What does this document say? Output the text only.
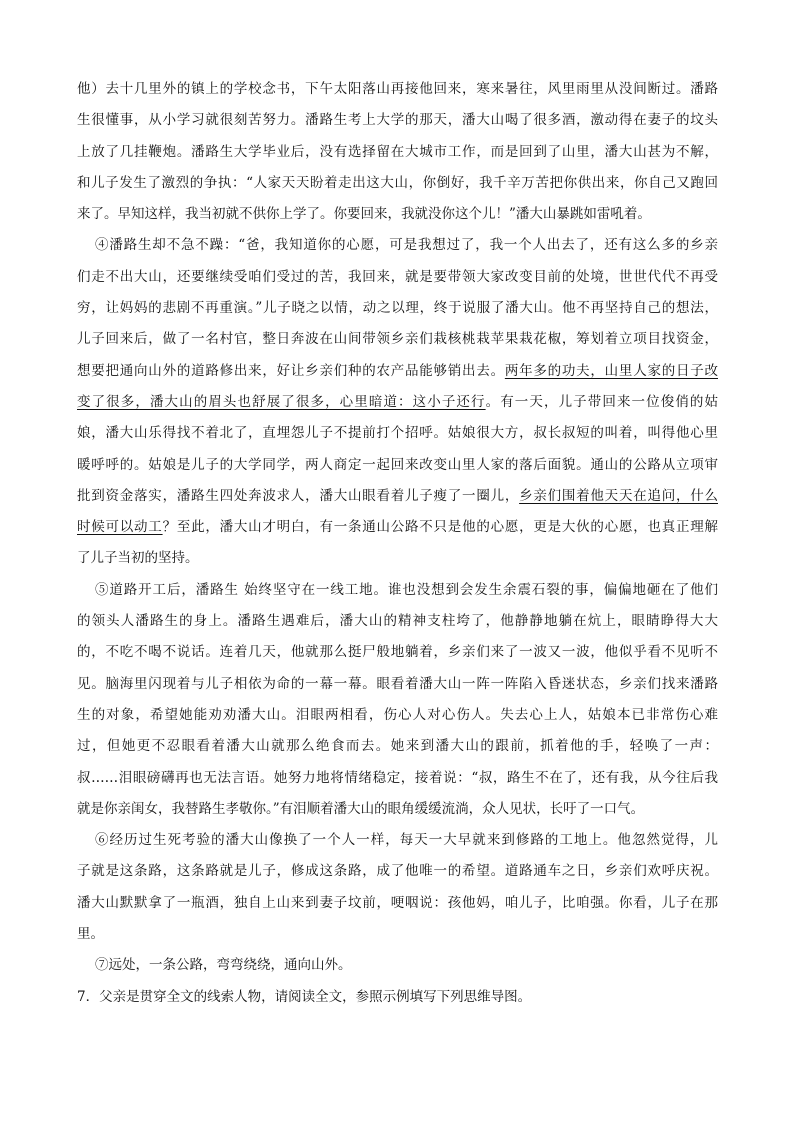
他）去十几里外的镇上的学校念书，下午太阳落山再接他回来，寒来暑往，风里雨里从没间断过。潘路
生很懂事，从小学习就很刻苦努力。潘路生考上大学的那天，潘大山喝了很多酒，激动得在妻子的坟头
上放了几挂鞭炮。潘路生大学毕业后，没有选择留在大城市工作，而是回到了山里，潘大山甚为不解，
和儿子发生了激烈的争执：“人家天天盼着走出这大山，你倒好，我千辛万苦把你供出来，你自己又跑回
来了。早知这样，我当初就不供你上学了。你要回来，我就没你这个儿！”潘大山暴跳如雷吼着。
④潘路生却不急不躁：“爸，我知道你的心愿，可是我想过了，我一个人出去了，还有这么多的乡亲
们走不出大山，还要继续受咱们受过的苦，我回来，就是要带领大家改变目前的处境，世世代代不再受
穷，让妈妈的悲剧不再重演。”儿子晓之以情，动之以理，终于说服了潘大山。他不再坚持自己的想法，
儿子回来后，做了一名村官，整日奔波在山间带领乡亲们栽核桃栽苹果栽花椒，筹划着立项目找资金，
想要把通向山外的道路修出来，好让乡亲们种的农产品能够销出去。两年多的功夫，山里人家的日子改
变了很多，潘大山的眉头也舒展了很多，心里暗道：这小子还行。有一天，儿子带回来一位俊俏的姑
娘，潘大山乐得找不着北了，直埋怨儿子不提前打个招呼。姑娘很大方，叔长叔短的叫着，叫得他心里
暖呼呼的。姑娘是儿子的大学同学，两人商定一起回来改变山里人家的落后面貌。通山的公路从立项审
批到资金落实，潘路生四处奔波求人，潘大山眼看着儿子瘦了一圈儿，乡亲们围着他天天在追问，什么
时候可以动工？至此，潘大山才明白，有一条通山公路不只是他的心愿，更是大伙的心愿，也真正理解
了儿子当初的坚持。
⑤道路开工后，潘路生 始终坚守在一线工地。谁也没想到会发生余震石裂的事，偏偏地砸在了他们
的领头人潘路生的身上。潘路生遇难后，潘大山的精神支柱垮了，他静静地躺在炕上，眼睛睁得大大
的，不吃不喝不说话。连着几天，他就那么挺尸般地躺着，乡亲们来了一波又一波，他似乎看不见听不
见。脑海里闪现着与儿子相依为命的一幕一幕。眼看着潘大山一阵一阵陷入昏迷状态，乡亲们找来潘路
生的对象，希望她能劝劝潘大山。泪眼两相看，伤心人对心伤人。失去心上人，姑娘本已非常伤心难
过，但她更不忍眼看着潘大山就那么绝食而去。她来到潘大山的跟前，抓着他的手，轻唤了一声：
叔……泪眼磅礴再也无法言语。她努力地将情绪稳定，接着说：“叔，路生不在了，还有我，从今往后我
就是你亲闺女，我替路生孝敬你。”有泪顺着潘大山的眼角缓缓流淌，众人见状，长吁了一口气。
⑥经历过生死考验的潘大山像换了一个人一样，每天一大早就来到修路的工地上。他忽然觉得，儿
子就是这条路，这条路就是儿子，修成这条路，成了他唯一的希望。道路通车之日，乡亲们欢呼庆祝。
潘大山默默拿了一瓶酒，独自上山来到妻子坟前，哽咽说：孩他妈，咱儿子，比咱强。你看，儿子在那
里。
⑦远处，一条公路，弯弯绕绕，通向山外。
7．父亲是贯穿全文的线索人物，请阅读全文，参照示例填写下列思维导图。
